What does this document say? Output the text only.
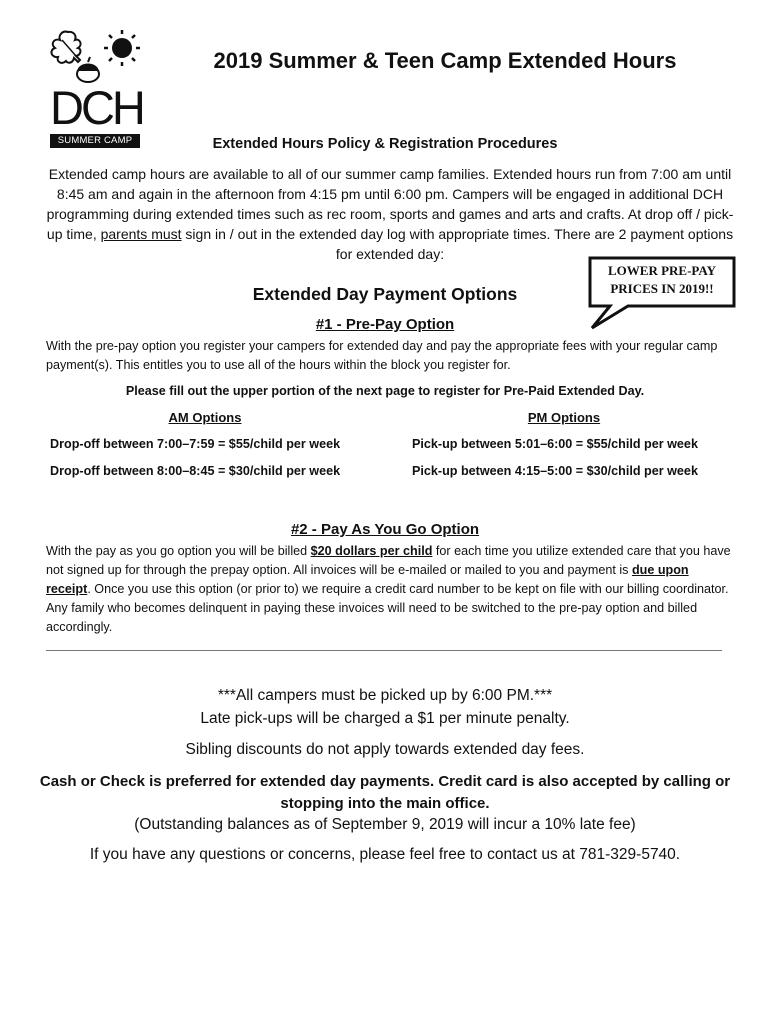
DCH
SUMMER CAMP
2019 Summer & Teen Camp Extended Hours
Extended Hours Policy & Registration Procedures
Extended camp hours are available to all of our summer camp families. Extended hours run from 7:00 am until 8:45 am and again in the afternoon from 4:15 pm until 6:00 pm. Campers will be engaged in additional DCH programming during extended times such as rec room, sports and games and arts and crafts. At drop off / pick-up time, parents must sign in / out in the extended day log with appropriate times. There are 2 payment options for extended day:
LOWER PRE-PAY
PRICES IN 2019!!
Extended Day Payment Options
#1 - Pre-Pay Option
With the pre-pay option you register your campers for extended day and pay the appropriate fees with your regular camp payment(s). This entitles you to use all of the hours within the block you register for.
Please fill out the upper portion of the next page to register for Pre-Paid Extended Day.
AM Options	PM Options
Drop-off between 7:00–7:59 = $55/child per week
Drop-off between 8:00–8:45 = $30/child per week
Pick-up between 5:01–6:00 = $55/child per week
Pick-up between 4:15–5:00 = $30/child per week
#2 - Pay As You Go Option
With the pay as you go option you will be billed $20 dollars per child for each time you utilize extended care that you have not signed up for through the prepay option. All invoices will be e-mailed or mailed to you and payment is due upon receipt. Once you use this option (or prior to) we require a credit card number to be kept on file with our billing coordinator. Any family who becomes delinquent in paying these invoices will need to be switched to the pre-pay option and billed accordingly.
***All campers must be picked up by 6:00 PM.***
Late pick-ups will be charged a $1 per minute penalty.
Sibling discounts do not apply towards extended day fees.
Cash or Check is preferred for extended day payments. Credit card is also accepted by calling or stopping into the main office.
(Outstanding balances as of September 9, 2019 will incur a 10% late fee)
If you have any questions or concerns, please feel free to contact us at 781-329-5740.
